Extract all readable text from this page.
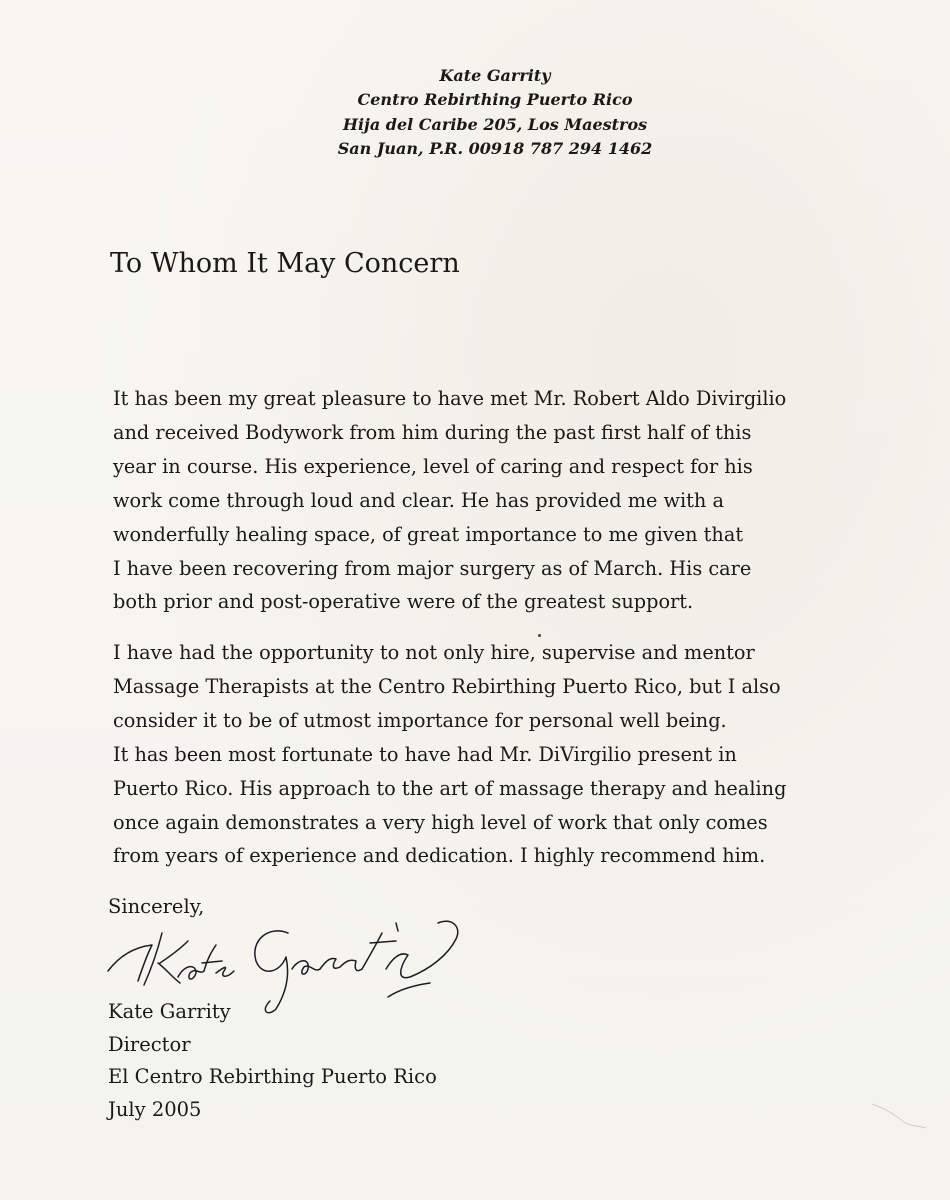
Kate Garrity
Centro Rebirthing Puerto Rico
Hija del Caribe 205, Los Maestros
San Juan, P.R. 00918 787 294 1462
To Whom It May Concern
It has been my great pleasure to have met Mr. Robert Aldo Divirgilio
and received Bodywork from him during the past first half of this
year in course. His experience, level of caring and respect for his
work come through loud and clear. He has provided me with a
wonderfully healing space, of great importance to me given that
I have been recovering from major surgery as of March. His care
both prior and post-operative were of the greatest support.
I have had the opportunity to not only hire, supervise and mentor
Massage Therapists at the Centro Rebirthing Puerto Rico, but I also
consider it to be of utmost importance for personal well being.
It has been most fortunate to have had Mr. DiVirgilio present in
Puerto Rico. His approach to the art of massage therapy and healing
once again demonstrates a very high level of work that only comes
from years of experience and dedication. I highly recommend him.
Sincerely,
Kate Garrity
Director
El Centro Rebirthing Puerto Rico
July 2005
